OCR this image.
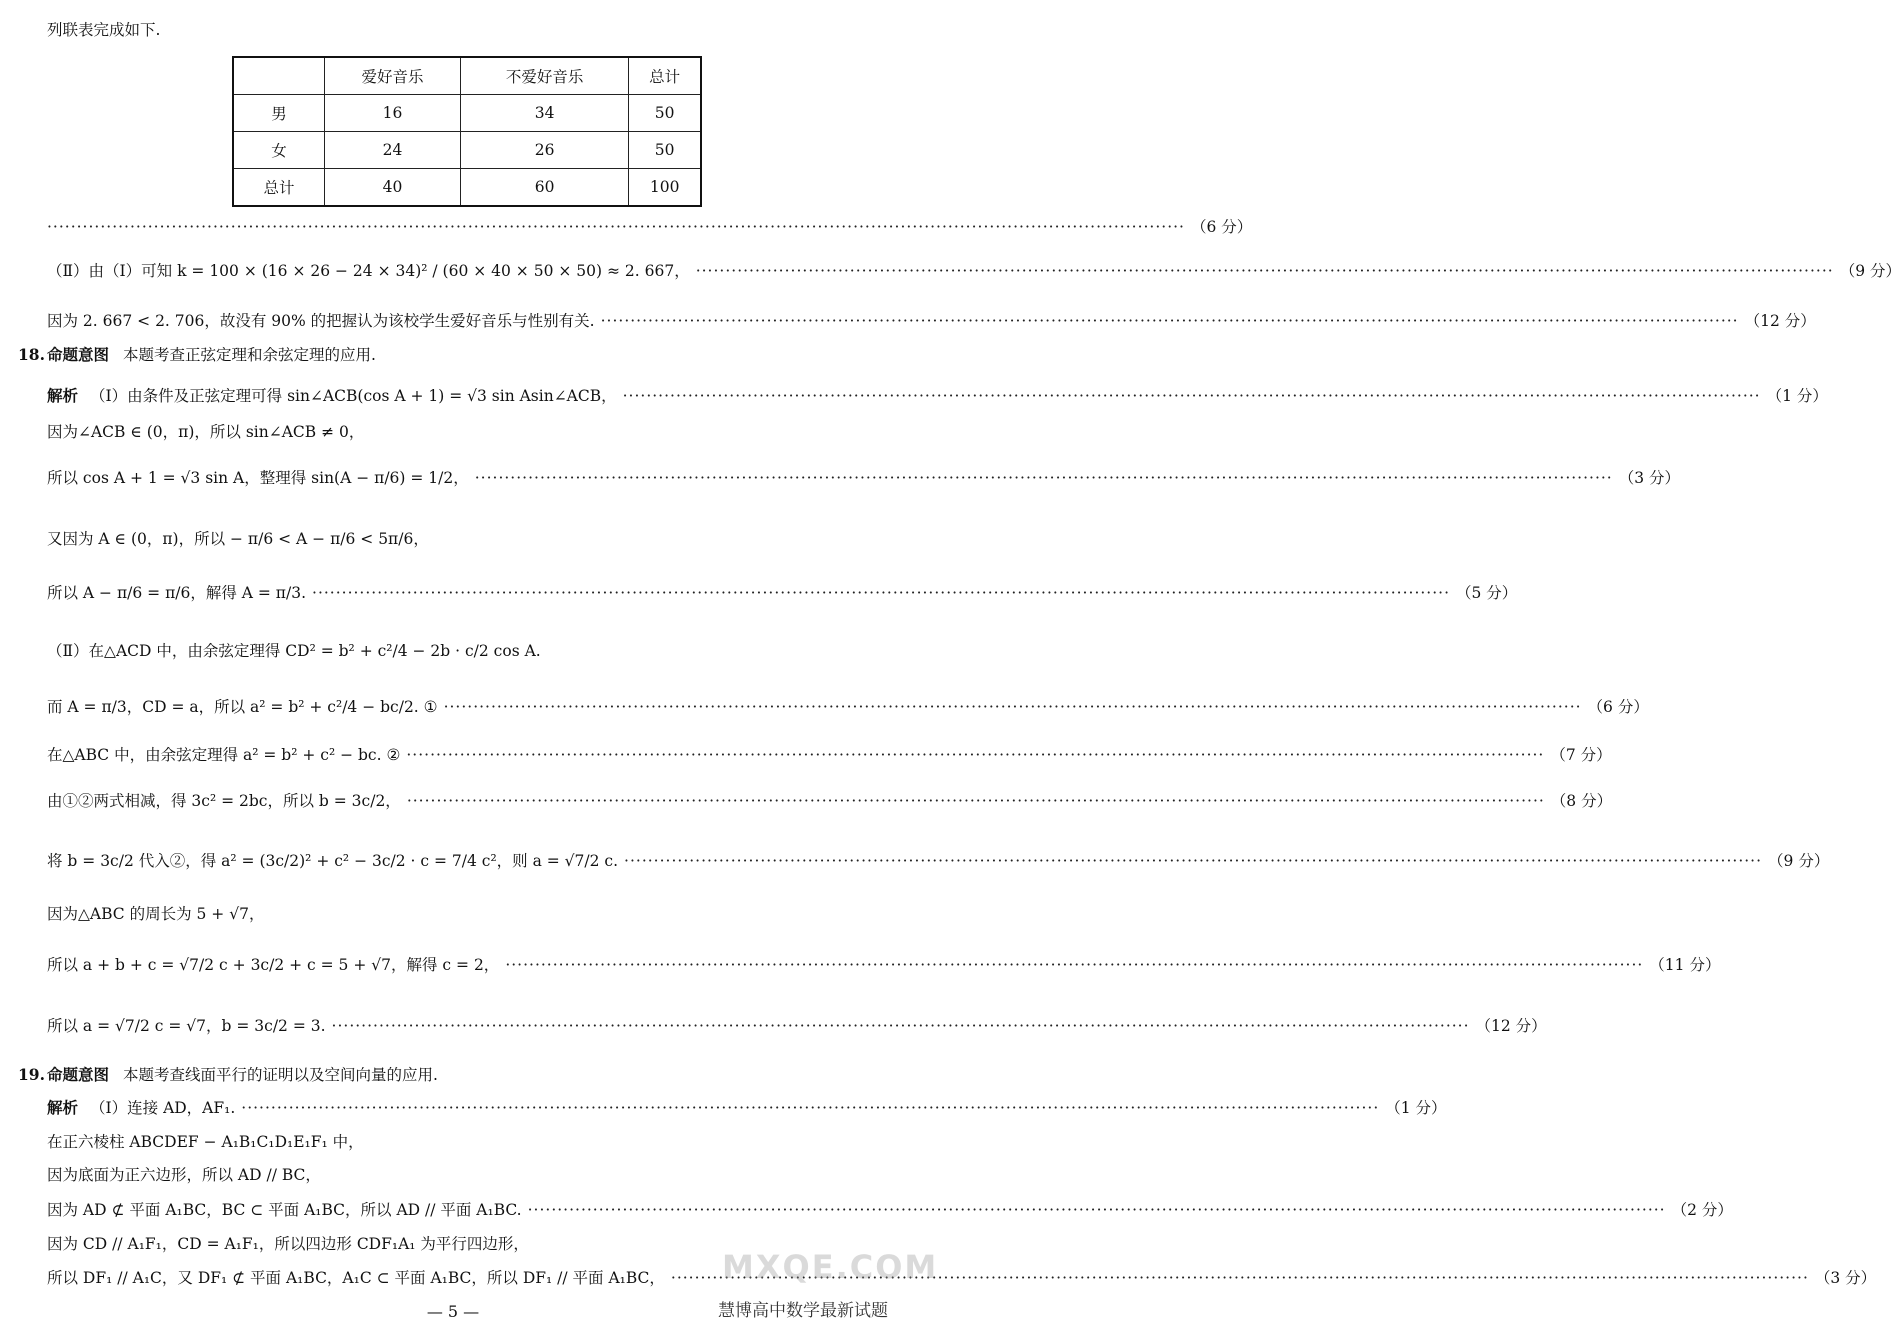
列联表完成如下.
	爱好音乐	不爱好音乐	总计
男	16	34	50
女	24	26	50
总计	40	60	100
·····
（6 分）
（Ⅱ）由（Ⅰ）可知 k = 100 × (16 × 26 − 24 × 34)² / (60 × 40 × 50 × 50) ≈ 2. 667， ·····	（9 分）
因为 2. 667 < 2. 706，故没有 90% 的把握认为该校学生爱好音乐与性别有关. ·····	（12 分）
18. 命题意图 本题考查正弦定理和余弦定理的应用.
解析 （Ⅰ）由条件及正弦定理可得 sin∠ACB(cos A + 1) = √3 sin Asin∠ACB， ·····	（1 分）
因为∠ACB ∈ (0，π)，所以 sin∠ACB ≠ 0，
所以 cos A + 1 = √3 sin A，整理得 sin(A − π/6) = 1/2， ·····	（3 分）
又因为 A ∈ (0，π)，所以 − π/6 < A − π/6 < 5π/6，
所以 A − π/6 = π/6，解得 A = π/3. ·····	（5 分）
（Ⅱ）在△ACD 中，由余弦定理得 CD² = b² + c²/4 − 2b · c/2 cos A.
而 A = π/3，CD = a，所以 a² = b² + c²/4 − bc/2. ① ·····	（6 分）
在△ABC 中，由余弦定理得 a² = b² + c² − bc. ② ·····	（7 分）
由①②两式相减，得 3c² = 2bc，所以 b = 3c/2， ·····	（8 分）
将 b = 3c/2 代入②，得 a² = (3c/2)² + c² − 3c/2 · c = 7/4 c²，则 a = √7/2 c. ·····	（9 分）
因为△ABC 的周长为 5 + √7，
所以 a + b + c = √7/2 c + 3c/2 + c = 5 + √7，解得 c = 2， ·····	（11 分）
所以 a = √7/2 c = √7，b = 3c/2 = 3. ·····	（12 分）
19. 命题意图 本题考查线面平行的证明以及空间向量的应用.
解析 （Ⅰ）连接 AD，AF₁. ·····	（1 分）
在正六棱柱 ABCDEF − A₁B₁C₁D₁E₁F₁ 中，
因为底面为正六边形，所以 AD // BC，
因为 AD ⊄ 平面 A₁BC，BC ⊂ 平面 A₁BC，所以 AD // 平面 A₁BC. ·····	（2 分）
因为 CD // A₁F₁，CD = A₁F₁，所以四边形 CDF₁A₁ 为平行四边形，
所以 DF₁ // A₁C，又 DF₁ ⊄ 平面 A₁BC，A₁C ⊂ 平面 A₁BC，所以 DF₁ // 平面 A₁BC， ·····	（3 分）
MXQE.COM
— 5 —	慧博高中数学最新试题
